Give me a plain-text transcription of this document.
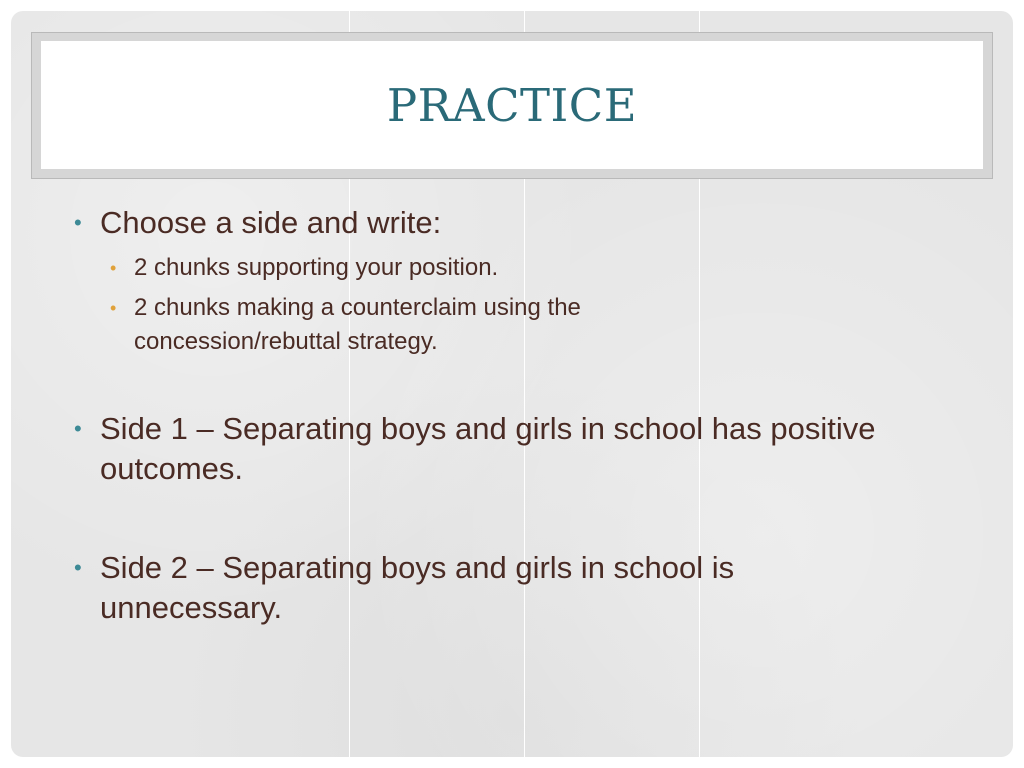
PRACTICE
• Choose a side and write:
• 2 chunks supporting your position.
• 2 chunks making a counterclaim using the concession/rebuttal strategy.
• Side 1 – Separating boys and girls in school has positive outcomes.
• Side 2 – Separating boys and girls in school is unnecessary.
